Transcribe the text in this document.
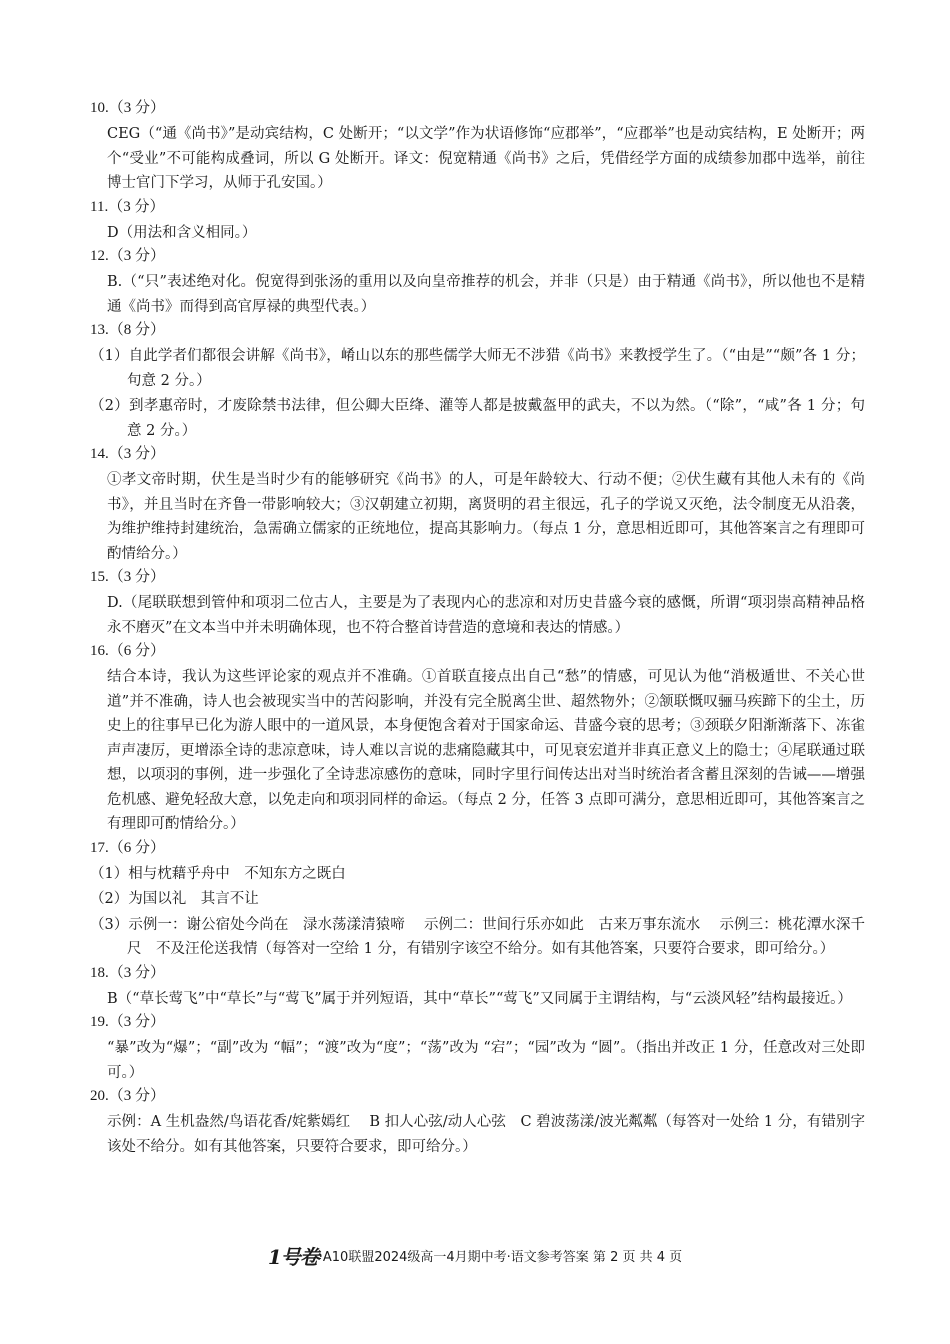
10.（3 分）
CEG（“通《尚书》”是动宾结构，C 处断开；“以文学”作为状语修饰“应郡举”，“应郡举”也是动宾结构，E 处断开；两个“受业”不可能构成叠词，所以 G 处断开。译文：倪宽精通《尚书》之后，凭借经学方面的成绩参加郡中选举，前往博士官门下学习，从师于孔安国。）
11.（3 分）
D（用法和含义相同。）
12.（3 分）
B.（“只”表述绝对化。倪宽得到张汤的重用以及向皇帝推荐的机会，并非（只是）由于精通《尚书》，所以他也不是精通《尚书》而得到高官厚禄的典型代表。）
13.（8 分）
（1）自此学者们都很会讲解《尚书》，崤山以东的那些儒学大师无不涉猎《尚书》来教授学生了。（“由是”“颇”各 1 分；句意 2 分。）
（2）到孝惠帝时，才废除禁书法律，但公卿大臣绛、灌等人都是披戴盔甲的武夫，不以为然。（“除”，“咸”各 1 分；句意 2 分。）
14.（3 分）
①孝文帝时期，伏生是当时少有的能够研究《尚书》的人，可是年龄较大、行动不便；②伏生藏有其他人未有的《尚书》，并且当时在齐鲁一带影响较大；③汉朝建立初期，离贤明的君主很远，孔子的学说又灭绝，法令制度无从沿袭，为维护维持封建统治，急需确立儒家的正统地位，提高其影响力。（每点 1 分，意思相近即可，其他答案言之有理即可酌情给分。）
15.（3 分）
D.（尾联联想到管仲和项羽二位古人，主要是为了表现内心的悲凉和对历史昔盛今衰的感慨，所谓“项羽崇高精神品格永不磨灭”在文本当中并未明确体现，也不符合整首诗营造的意境和表达的情感。）
16.（6 分）
结合本诗，我认为这些评论家的观点并不准确。①首联直接点出自己“愁”的情感，可见认为他“消极遁世、不关心世道”并不准确，诗人也会被现实当中的苦闷影响，并没有完全脱离尘世、超然物外；②颔联慨叹骊马疾蹄下的尘土，历史上的往事早已化为游人眼中的一道风景，本身便饱含着对于国家命运、昔盛今衰的思考；③颈联夕阳渐渐落下、冻雀声声凄厉，更增添全诗的悲凉意味，诗人难以言说的悲痛隐藏其中，可见衰宏道并非真正意义上的隐士；④尾联通过联想，以项羽的事例，进一步强化了全诗悲凉感伤的意味，同时字里行间传达出对当时统治者含蓄且深刻的告诫——增强危机感、避免轻敌大意，以免走向和项羽同样的命运。（每点 2 分，任答 3 点即可满分，意思相近即可，其他答案言之有理即可酌情给分。）
17.（6 分）
（1）相与枕藉乎舟中　不知东方之既白
（2）为国以礼　其言不让
（3）示例一：谢公宿处今尚在　渌水荡漾清猿啼　 示例二：世间行乐亦如此　古来万事东流水　 示例三：桃花潭水深千尺　不及汪伦送我情（每答对一空给 1 分，有错别字该空不给分。如有其他答案，只要符合要求，即可给分。）
18.（3 分）
B（“草长莺飞”中“草长”与“莺飞”属于并列短语，其中“草长”“莺飞”又同属于主谓结构，与“云淡风轻”结构最接近。）
19.（3 分）
“暴”改为“爆”；“副”改为 “幅”；“渡”改为“度”；“荡”改为 “宕”；“园”改为 “圆”。（指出并改正 1 分，任意改对三处即可。）
20.（3 分）
示例：A 生机盎然/鸟语花香/姹紫嫣红　 B 扣人心弦/动人心弦　C 碧波荡漾/波光粼粼（每答对一处给 1 分，有错别字该处不给分。如有其他答案，只要符合要求，即可给分。）
1号卷·A10联盟2024级高一4月期中考·语文参考答案 第 2 页 共 4 页
